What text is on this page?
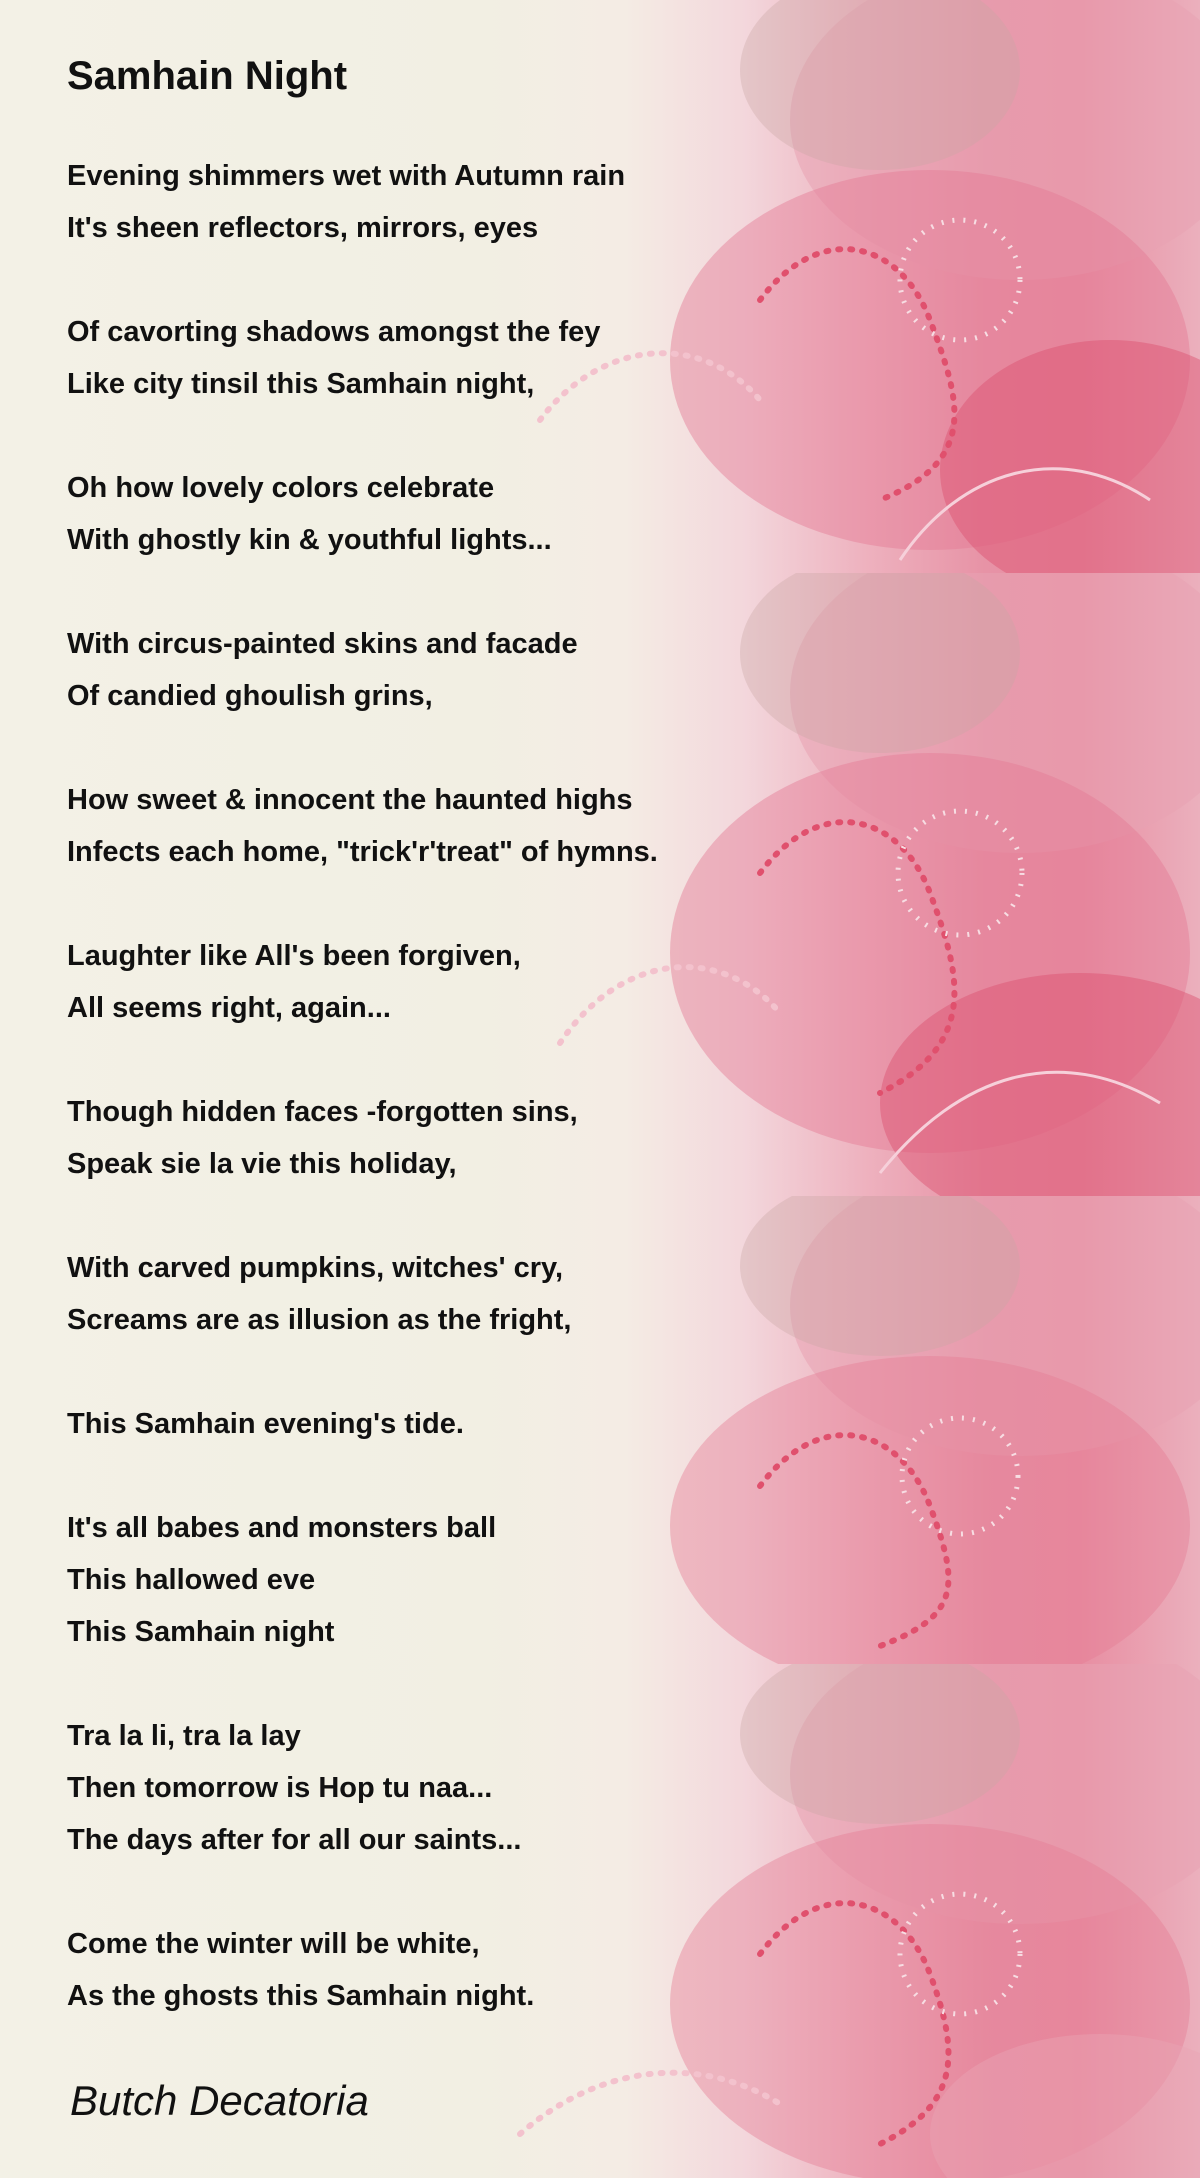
Samhain Night
Evening shimmers wet with Autumn rain
It's sheen reflectors, mirrors, eyes
Of cavorting shadows amongst the fey
Like city tinsil this Samhain night,
Oh how lovely colors celebrate
With ghostly kin & youthful lights...
With circus-painted skins and facade
Of candied ghoulish grins,
How sweet & innocent the haunted highs
Infects each home, "trick'r'treat" of hymns.
Laughter like All's been forgiven,
All seems right, again...
Though hidden faces -forgotten sins,
Speak sie la vie this holiday,
With carved pumpkins, witches' cry,
Screams are as illusion as the fright,
This Samhain evening's tide.
It's all babes and monsters ball
This hallowed eve
This Samhain night
Tra la li, tra la lay
Then tomorrow is Hop tu naa...
The days after for all our saints...
Come the winter will be white,
As the ghosts this Samhain night.
Butch Decatoria
